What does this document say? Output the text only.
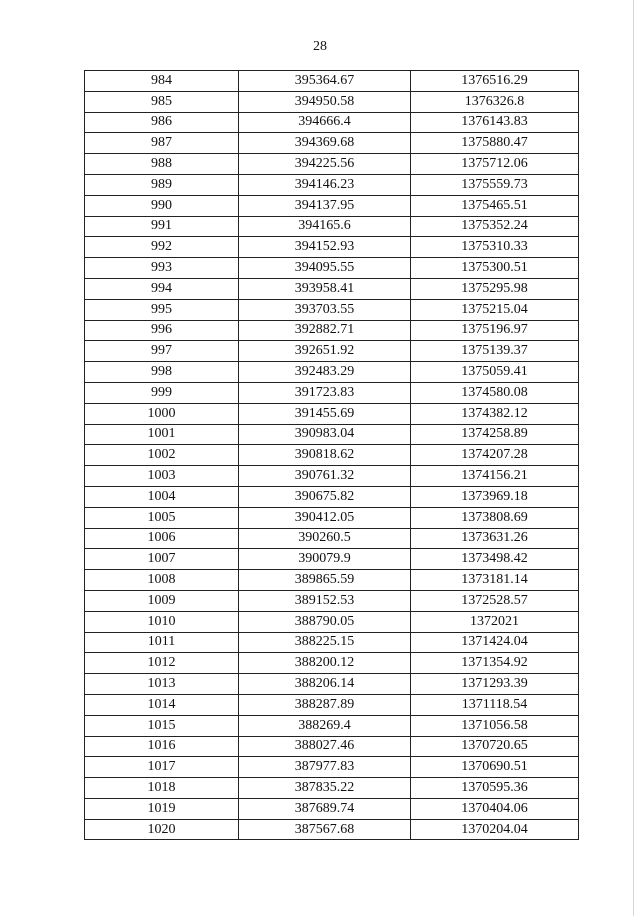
28
984	395364.67	1376516.29
985	394950.58	1376326.8
986	394666.4	1376143.83
987	394369.68	1375880.47
988	394225.56	1375712.06
989	394146.23	1375559.73
990	394137.95	1375465.51
991	394165.6	1375352.24
992	394152.93	1375310.33
993	394095.55	1375300.51
994	393958.41	1375295.98
995	393703.55	1375215.04
996	392882.71	1375196.97
997	392651.92	1375139.37
998	392483.29	1375059.41
999	391723.83	1374580.08
1000	391455.69	1374382.12
1001	390983.04	1374258.89
1002	390818.62	1374207.28
1003	390761.32	1374156.21
1004	390675.82	1373969.18
1005	390412.05	1373808.69
1006	390260.5	1373631.26
1007	390079.9	1373498.42
1008	389865.59	1373181.14
1009	389152.53	1372528.57
1010	388790.05	1372021
1011	388225.15	1371424.04
1012	388200.12	1371354.92
1013	388206.14	1371293.39
1014	388287.89	1371118.54
1015	388269.4	1371056.58
1016	388027.46	1370720.65
1017	387977.83	1370690.51
1018	387835.22	1370595.36
1019	387689.74	1370404.06
1020	387567.68	1370204.04
